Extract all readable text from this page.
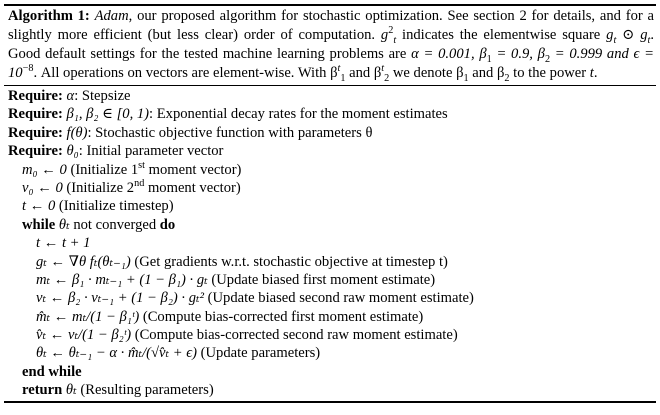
Algorithm 1: Adam, our proposed algorithm for stochastic optimization. See section 2 for details, and for a slightly more efficient (but less clear) order of computation. $g^2_t$ indicates the elementwise square $g_t$ ⊙ $g_t$. Good default settings for the tested machine learning problems are α = 0.001, $\beta_1 = 0.9$, $\beta_2 = 0.999$ and $\epsilon = 10^{-8}$. All operations on vectors are element-wise. With $\beta^t_1$ and $\beta^t_2$ we denote $\beta_1$ and $\beta_2$ to the power t.
Require: α: Stepsize
Require: β₁, β₂ ∈ [0, 1): Exponential decay rates for the moment estimates
Require: f(θ): Stochastic objective function with parameters θ
Require: θ₀: Initial parameter vector
m₀ ← 0 (Initialize 1st moment vector)
v₀ ← 0 (Initialize 2nd moment vector)
t ← 0 (Initialize timestep)
while θₜ not converged do
t ← t + 1
gₜ ← ∇θ fₜ(θₜ₋₁) (Get gradients w.r.t. stochastic objective at timestep t)
mₜ ← β₁ · mₜ₋₁ + (1 − β₁) · gₜ (Update biased first moment estimate)
vₜ ← β₂ · vₜ₋₁ + (1 − β₂) · gₜ² (Update biased second raw moment estimate)
m̂ₜ ← mₜ/(1 − β₁ᵗ) (Compute bias-corrected first moment estimate)
v̂ₜ ← vₜ/(1 − β₂ᵗ) (Compute bias-corrected second raw moment estimate)
θₜ ← θₜ₋₁ − α · m̂ₜ/(√v̂ₜ + ϵ) (Update parameters)
end while
return θₜ (Resulting parameters)
